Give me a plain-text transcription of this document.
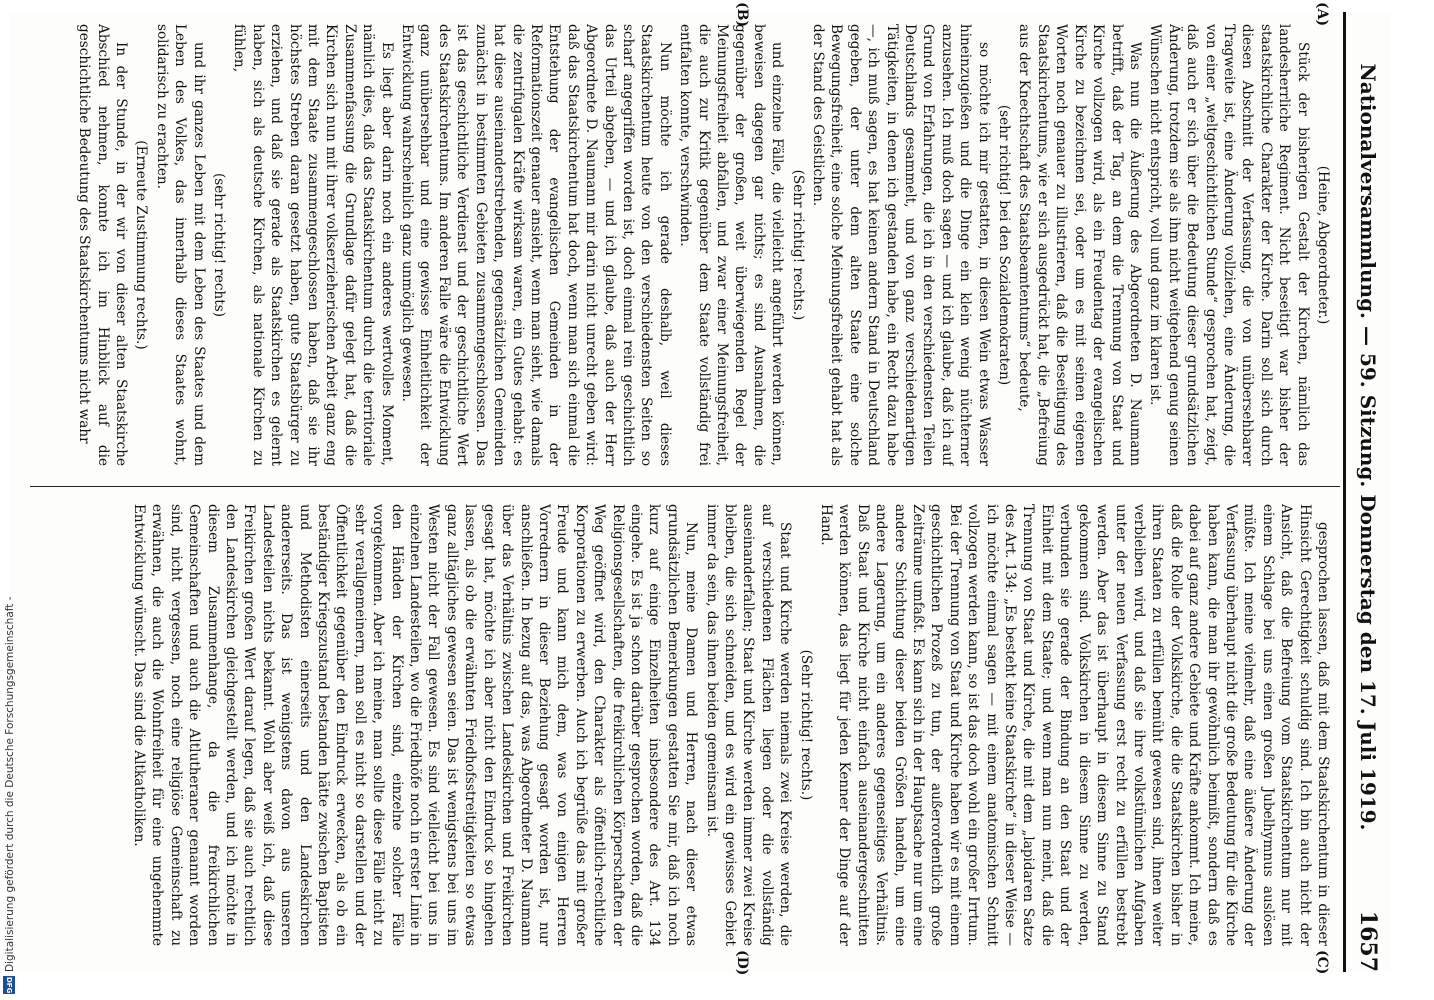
Nationalversammlung. — 59. Sitzung. Donnerstag den 17. Juli 1919.
1657
(A)
(B)
(C)
(D)

(Heine, Abgeordneter.)

Stück der bisherigen Gestalt der Kirchen, nämlich das landesherrliche Regiment. Nicht beseitigt war bisher der staatskirchliche Charakter der Kirche. Darin soll sich durch diesen Abschnitt der Verfassung, die von unübersehbarer Tragweite ist, eine Änderung vollziehen, eine Änderung, die von einer „weltgeschichtlichen Stunde“ gesprochen hat, zeigt, daß auch er sich über die Bedeutung dieser grundsätzlichen Änderung, trotzdem sie als ihm nicht weitgehend genug seinen Wünschen nicht entspricht, voll und ganz im klaren ist.

Was nun die Äußerung des Abgeordneten D. Naumann betrifft, daß der Tag, an dem die Trennung von Staat und Kirche vollzogen wird, als ein Freudentag der evangelischen Kirche zu bezeichnen sei, oder um es mit seinen eigenen Worten noch genauer zu illustrieren, daß die Beseitigung des Staatskirchentums, wie er sich ausgedrückt hat, die „Befreiung aus der Knechtschaft des Staatsbeamtentums“ bedeute,

(sehr richtig! bei den Sozialdemokraten)

so möchte ich mir gestatten, in diesen Wein etwas Wasser hineinzugießen und die Dinge ein klein wenig nüchterner anzusehen. Ich muß doch sagen — und ich glaube, daß ich auf Grund von Erfahrungen, die ich in den verschiedensten Teilen Deutschlands gesammelt, und von ganz verschiedenartigen Tätigkeiten, in denen ich gestanden habe, ein Recht dazu habe —, ich muß sagen, es hat keinen andern Stand in Deutschland gegeben, der unter dem alten Staate eine solche Bewegungsfreiheit, eine solche Meinungsfreiheit gehabt hat als der Stand des Geistlichen.

(Sehr richtig! rechts.)

und einzelne Fälle, die vielleicht angeführt werden können, beweisen dagegen gar nichts; es sind Ausnahmen, die gegenüber der großen, weit überwiegenden Regel der Meinungsfreiheit abfallen, und zwar einer Meinungsfreiheit, die auch zur Kritik gegenüber dem Staate vollständig frei entfalten konnte, verschwinden.

Nun möchte ich gerade deshalb, weil dieses Staatskirchentum heute von den verschiedensten Seiten so scharf angegriffen worden ist, doch einmal rein geschichtlich das Urteil abgeben, — und ich glaube, daß auch der Herr Abgeordnete D. Naumann mir darin nicht unrecht geben wird: daß das Staatskirchentum hat doch, wenn man sich einmal die Entstehung der evangelischen Gemeinden in der Reformationszeit genauer ansieht, wenn man sieht, wie damals die zentrifugalen Kräfte wirksam waren, ein Gutes gehabt: es hat diese auseinanderstrebenden, gegensätzlichen Gemeinden zunächst in bestimmten Gebieten zusammengeschlossen. Das ist das geschichtliche Verdienst und der geschichtliche Wert des Staatskirchentums. Im anderen Falle wäre die Entwicklung ganz unübersehbar und eine gewisse Einheitlichkeit der Entwicklung wahrscheinlich ganz unmöglich gewesen.

Es liegt aber darin noch ein anderes wertvolles Moment, nämlich dies, daß das Staatskirchentum durch die territoriale Zusammenfassung die Grundlage dafür gelegt hat, daß die Kirchen sich nun mit ihrer volkserzieherischen Arbeit ganz eng mit dem Staate zusammengeschlossen haben, daß sie ihr höchstes Streben daran gesetzt haben, gute Staatsbürger zu erziehen, und daß sie gerade als Staatskirchen es gelernt haben, sich als deutsche Kirchen, als nationale Kirchen zu fühlen,

(sehr richtig! rechts)

und ihr ganzes Leben mit dem Leben des Staates und dem Leben des Volkes, das innerhalb dieses Staates wohnt, solidarisch zu erachten.

(Erneute Zustimmung rechts.)

In der Stunde, in der wir von dieser alten Staatskirche Abschied nehmen, konnte ich im Hinblick auf die geschichtliche Bedeutung des Staatskirchentums nicht wahr

gesprochen lassen, daß mit dem Staatskirchentum in dieser Hinsicht Gerechtigkeit schuldig sind. Ich bin auch nicht der Ansicht, daß die Befreiung vom Staatskirchentum nur mit einem Schlage bei uns einen großen Jubelhymnus auslösen müßte. Ich meine vielmehr, daß eine äußere Änderung der Verfassung überhaupt nicht die große Bedeutung für die Kirche haben kann, die man ihr gewöhnlich beimißt, sondern daß es dabei auf ganz andere Gebiete und Kräfte ankommt. Ich meine, daß die Rolle der Volkskirche, die die Staatskirchen bisher in ihren Staaten zu erfüllen bemüht gewesen sind, ihnen weiter verbleiben wird, und daß sie ihre volkstümlichen Aufgaben unter der neuen Verfassung erst recht zu erfüllen bestrebt werden. Aber das ist überhaupt in diesem Sinne zu Stand gekommen sind. Volkskirchen in diesem Sinne zu werden, verbunden sie gerade der Bindung an den Staat und der Einheit mit dem Staate; und wenn man nun meint, daß die Trennung von Staat und Kirche, die mit dem „lapidaren Satze des Art. 134: „Es besteht keine Staatskirche“ in dieser Weise — ich möchte einmal sagen — mit einem anatomischen Schnitt vollzogen werden kann, so ist das doch wohl ein großer Irrtum. Bei der Trennung von Staat und Kirche haben wir es mit einem geschichtlichen Prozeß zu tun, der außerordentlich große Zeiträume umfaßt. Es kann sich in der Hauptsache nur um eine andere Schichtung dieser beiden Größen handeln, um eine andere Lagerung, um ein anderes gegenseitiges Verhältnis. Daß Staat und Kirche nicht einfach auseinandergeschnitten werden können, das liegt für jeden Kenner der Dinge auf der Hand.

(Sehr richtig! rechts.)

Staat und Kirche werden niemals zwei Kreise werden, die auf verschiedenen Flächen liegen oder die vollständig auseinanderfallen; Staat und Kirche werden immer zwei Kreise bleiben, die sich schneiden, und es wird ein gewisses Gebiet immer da sein, das ihnen beiden gemeinsam ist.

Nun, meine Damen und Herren, nach dieser etwas grundsätzlichen Bemerkungen gestatten Sie mir, daß ich noch kurz auf einige Einzelheiten insbesondere des Art. 134 eingehe. Es ist ja schon darüber gesprochen worden, daß die Religionsgesellschaften, die freikirchlichen Körperschaften der Weg geöffnet wird, den Charakter als öffentlich-rechtliche Korporationen zu erwerben. Auch ich begrüße das mit großer Freude und kann mich dem, was von einigen Herren Vorrednern in dieser Beziehung gesagt worden ist, nur anschließen. In bezug auf das, was Abgeordneter D. Naumann über das Verhältnis zwischen Landeskirchen und Freikirchen gesagt hat, möchte ich aber nicht den Eindruck so hingehen lassen, als ob die erwähnten Friedhofsstreitigkeiten so etwas ganz alltägliches gewesen seien. Das ist wenigstens bei uns im Westen nicht der Fall gewesen. Es sind vielleicht bei uns in einzelnen Landesteilen, wo die Friedhöfe noch in erster Linie in den Händen der Kirchen sind, einzelne solcher Fälle vorgekommen. Aber ich meine, man sollte diese Fälle nicht zu sehr verallgemeinern, man soll es nicht so darstellen und der Öffentlichkeit gegenüber den Eindruck erwecken, als ob ein beständiger Kriegszustand bestanden hätte zwischen Baptisten und Methodisten einerseits und den Landeskirchen andererseits. Das ist wenigstens davon aus unseren Landesteilen nichts bekannt. Wohl aber weiß ich, daß diese Freikirchen großen Wert darauf legen, daß sie auch rechtlich den Landeskirchen gleichgestellt werden, und ich möchte in diesem Zusammenhange, da die freikirchlichen Gemeinschaften und auch die Altlutheraner genannt worden sind, nicht vergessen, noch eine religiöse Gemeinschaft zu erwähnen, die auch die Wohnfreiheit für eine ungehemmte Entwicklung wünscht. Das sind die Altkatholiken.

Digitalisierung gefördert durch die Deutsche Forschungsgemeinschaft -
DFG
